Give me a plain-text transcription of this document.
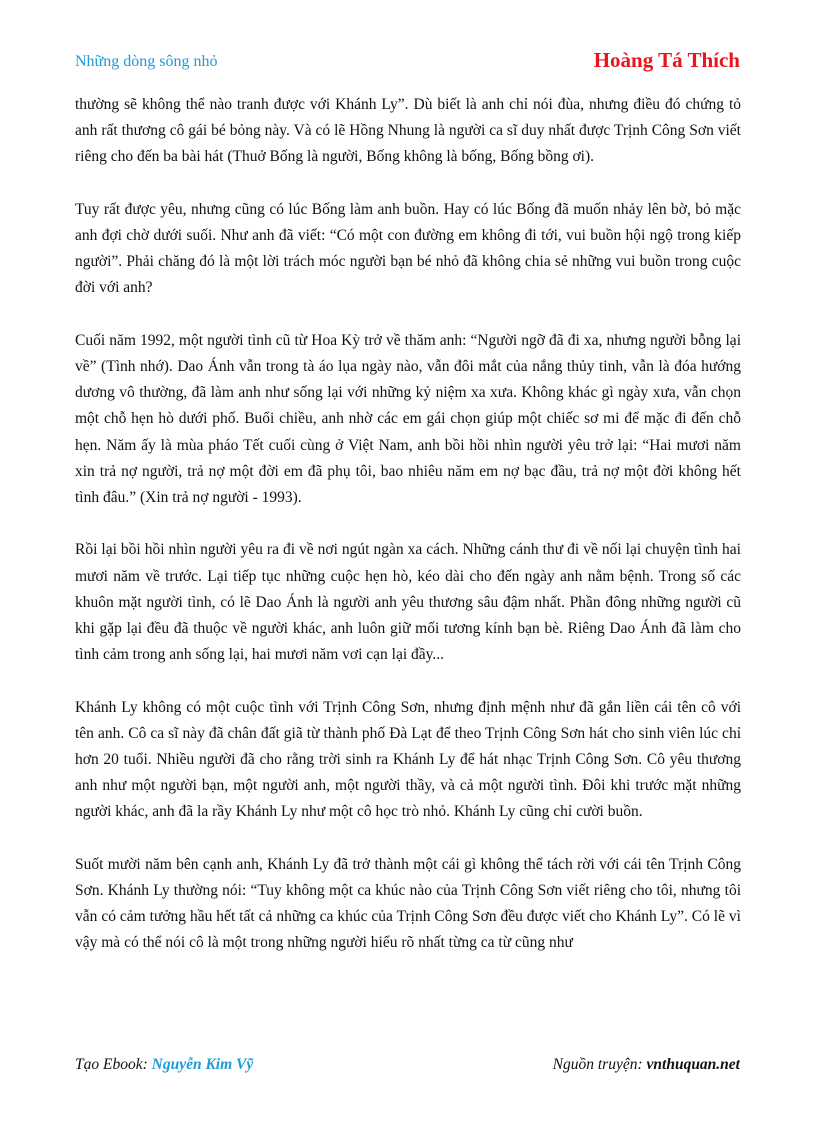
Những dòng sông nhỏ	Hoàng Tá Thích

thường sẽ không thể nào tranh được với Khánh Ly”. Dù biết là anh chỉ nói đùa, nhưng điều đó chứng tỏ anh rất thương cô gái bé bỏng này. Và có lẽ Hồng Nhung là người ca sĩ duy nhất được Trịnh Công Sơn viết riêng cho đến ba bài hát (Thuở Bống là người, Bống không là bống, Bống bồng ơi).

Tuy rất được yêu, nhưng cũng có lúc Bống làm anh buồn. Hay có lúc Bống đã muốn nhảy lên bờ, bỏ mặc anh đợi chờ dưới suối. Như anh đã viết: “Có một con đường em không đi tới, vui buồn hội ngộ trong kiếp người”. Phải chăng đó là một lời trách móc người bạn bé nhỏ đã không chia sẻ những vui buồn trong cuộc đời với anh?

Cuối năm 1992, một người tình cũ từ Hoa Kỳ trở về thăm anh: “Người ngỡ đã đi xa, nhưng người bỗng lại về” (Tình nhớ). Dao Ánh vẫn trong tà áo lụa ngày nào, vẫn đôi mắt của nắng thủy tinh, vẫn là đóa hướng dương vô thường, đã làm anh như sống lại với những kỷ niệm xa xưa. Không khác gì ngày xưa, vẫn chọn một chỗ hẹn hò dưới phố. Buổi chiều, anh nhờ các em gái chọn giúp một chiếc sơ mi để mặc đi đến chỗ hẹn. Năm ấy là mùa pháo Tết cuối cùng ở Việt Nam, anh bồi hồi nhìn người yêu trở lại: “Hai mươi năm xin trả nợ người, trả nợ một đời em đã phụ tôi, bao nhiêu năm em nợ bạc đầu, trả nợ một đời không hết tình đâu.” (Xin trả nợ người - 1993).

Rồi lại bồi hồi nhìn người yêu ra đi về nơi ngút ngàn xa cách. Những cánh thư đi về nối lại chuyện tình hai mươi năm về trước. Lại tiếp tục những cuộc hẹn hò, kéo dài cho đến ngày anh nằm bệnh. Trong số các khuôn mặt người tình, có lẽ Dao Ánh là người anh yêu thương sâu đậm nhất. Phần đông những người cũ khi gặp lại đều đã thuộc về người khác, anh luôn giữ mối tương kính bạn bè. Riêng Dao Ánh đã làm cho tình cảm trong anh sống lại, hai mươi năm vơi cạn lại đầy...

Khánh Ly không có một cuộc tình với Trịnh Công Sơn, nhưng định mệnh như đã gắn liền cái tên cô với tên anh. Cô ca sĩ này đã chân đất giã từ thành phố Đà Lạt để theo Trịnh Công Sơn hát cho sinh viên lúc chỉ hơn 20 tuổi. Nhiều người đã cho rằng trời sinh ra Khánh Ly để hát nhạc Trịnh Công Sơn. Cô yêu thương anh như một người bạn, một người anh, một người thầy, và cả một người tình. Đôi khi trước mặt những người khác, anh đã la rầy Khánh Ly như một cô học trò nhỏ. Khánh Ly cũng chỉ cười buồn.

Suốt mười năm bên cạnh anh, Khánh Ly đã trở thành một cái gì không thể tách rời với cái tên Trịnh Công Sơn. Khánh Ly thường nói: “Tuy không một ca khúc nào của Trịnh Công Sơn viết riêng cho tôi, nhưng tôi vẫn có cảm tưởng hầu hết tất cả những ca khúc của Trịnh Công Sơn đều được viết cho Khánh Ly”. Có lẽ vì vậy mà có thể nói cô là một trong những người hiểu rõ nhất từng ca từ cũng như

Tạo Ebook: Nguyễn Kim Vỹ	Nguồn truyện: vnthuquan.net
